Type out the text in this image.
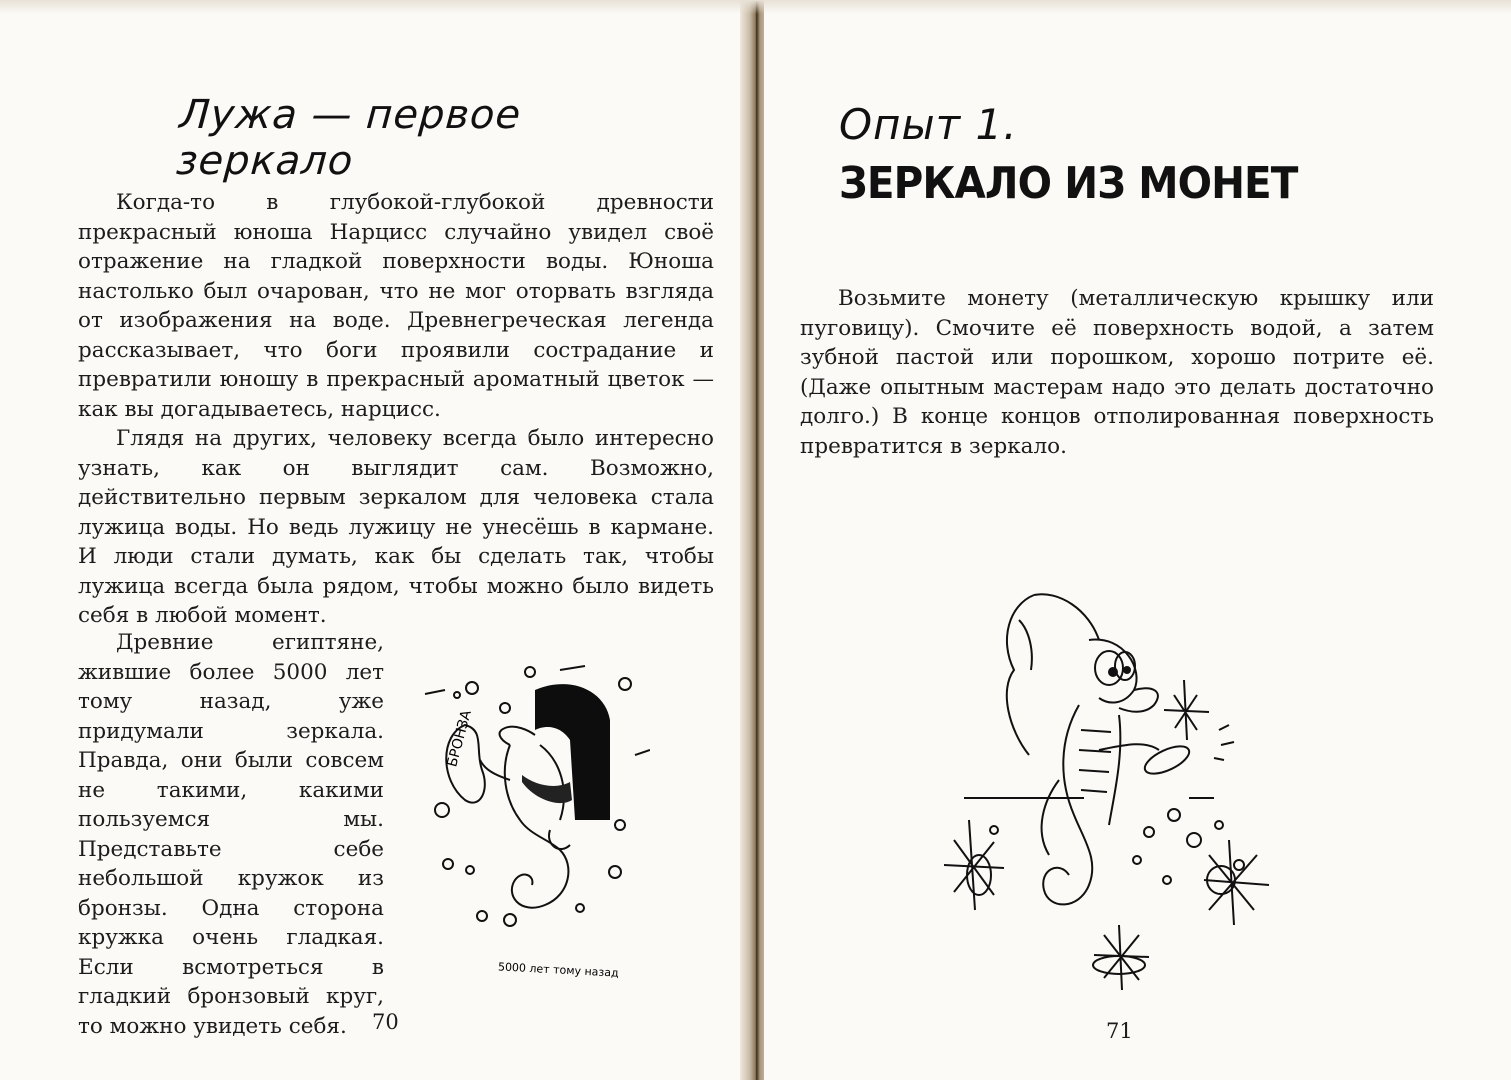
Лужа — первое зеркало

Когда-то в глубокой-глубокой древности прекрасный юноша Нарцисс случайно увидел своё отражение на гладкой поверхности воды. Юноша настолько был очарован, что не мог оторвать взгляда от изображения на воде. Древнегреческая легенда рассказывает, что боги проявили сострадание и превратили юношу в прекрасный ароматный цветок — как вы догадываетесь, нарцисс.

Глядя на других, человеку всегда было интересно узнать, как он выглядит сам. Возможно, действительно первым зеркалом для человека стала лужица воды. Но ведь лужицу не унесёшь в кармане. И люди стали думать, как бы сделать так, чтобы лужица всегда была рядом, чтобы можно было видеть себя в любой момент.

Древние египтяне, жившие более 5000 лет тому назад, уже придумали зеркала. Правда, они были совсем не такими, какими пользуемся мы. Представьте себе небольшой кружок из бронзы. Одна сторона кружка очень гладкая. Если всмотреться в гладкий бронзовый круг, то можно увидеть себя.

БРОНЗА
5000 лет тому назад
70
Опыт 1.
ЗЕРКАЛО ИЗ МОНЕТ

Возьмите монету (металлическую крышку или пуговицу). Смочите её поверхность водой, а затем зубной пастой или порошком, хорошо потрите её. (Даже опытным мастерам надо это делать достаточно долго.) В конце концов отполированная поверхность превратится в зеркало.

71
